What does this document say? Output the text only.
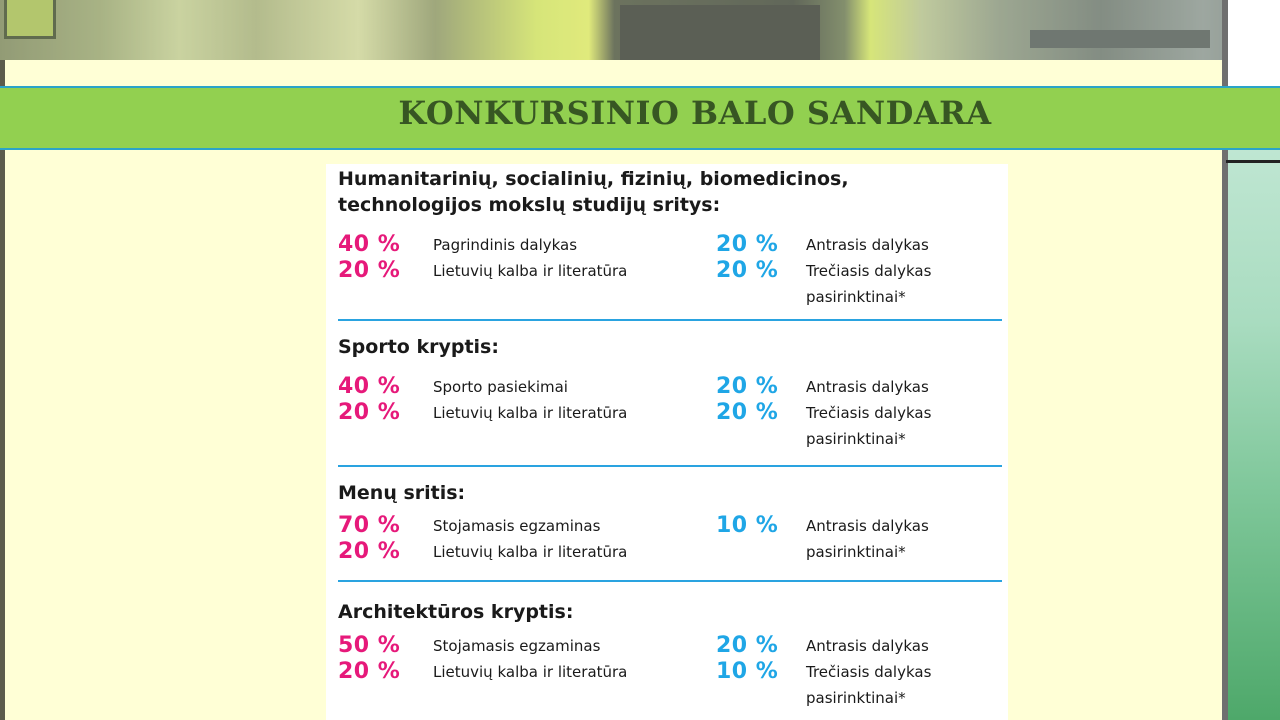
KONKURSINIO BALO SANDARA
Humanitarinių, socialinių, fizinių, biomedicinos,
technologijos mokslų studijų sritys:
40 % Pagrindinis dalykas	20 % Antrasis dalykas
20 % Lietuvių kalba ir literatūra	20 % Trečiasis dalykas
pasirinktinai*
Sporto kryptis:
40 % Sporto pasiekimai	20 % Antrasis dalykas
20 % Lietuvių kalba ir literatūra	20 % Trečiasis dalykas
pasirinktinai*
Menų sritis:
70 % Stojamasis egzaminas	10 % Antrasis dalykas
20 % Lietuvių kalba ir literatūra	pasirinktinai*
Architektūros kryptis:
50 % Stojamasis egzaminas	20 % Antrasis dalykas
20 % Lietuvių kalba ir literatūra	10 % Trečiasis dalykas
pasirinktinai*
